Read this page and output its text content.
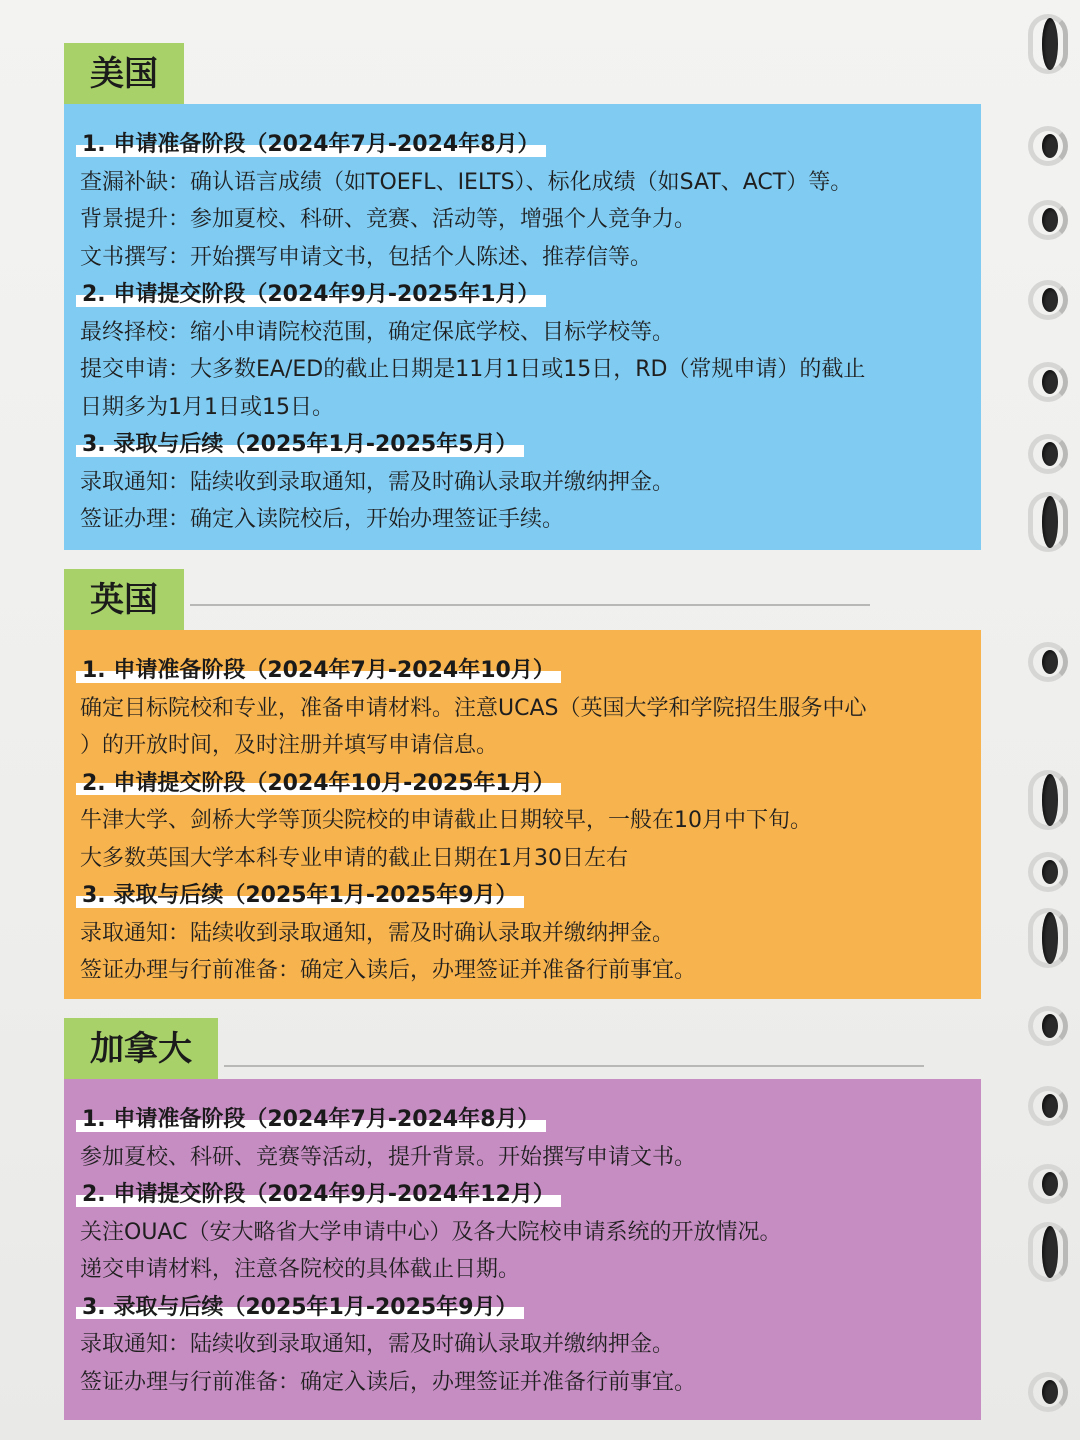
美国
1. 申请准备阶段（2024年7月-2024年8月）
查漏补缺：确认语言成绩（如TOEFL、IELTS）、标化成绩（如SAT、ACT）等。
背景提升：参加夏校、科研、竞赛、活动等，增强个人竞争力。
文书撰写：开始撰写申请文书，包括个人陈述、推荐信等。
2. 申请提交阶段（2024年9月-2025年1月）
最终择校：缩小申请院校范围，确定保底学校、目标学校等。
提交申请：大多数EA/ED的截止日期是11月1日或15日，RD（常规申请）的截止
日期多为1月1日或15日。
3. 录取与后续（2025年1月-2025年5月）
录取通知：陆续收到录取通知，需及时确认录取并缴纳押金。
签证办理：确定入读院校后，开始办理签证手续。
英国
1. 申请准备阶段（2024年7月-2024年10月）
确定目标院校和专业，准备申请材料。注意UCAS（英国大学和学院招生服务中心
）的开放时间，及时注册并填写申请信息。
2. 申请提交阶段（2024年10月-2025年1月）
牛津大学、剑桥大学等顶尖院校的申请截止日期较早，一般在10月中下旬。
大多数英国大学本科专业申请的截止日期在1月30日左右
3. 录取与后续（2025年1月-2025年9月）
录取通知：陆续收到录取通知，需及时确认录取并缴纳押金。
签证办理与行前准备：确定入读后，办理签证并准备行前事宜。
加拿大
1. 申请准备阶段（2024年7月-2024年8月）
参加夏校、科研、竞赛等活动，提升背景。开始撰写申请文书。
2. 申请提交阶段（2024年9月-2024年12月）
关注OUAC（安大略省大学申请中心）及各大院校申请系统的开放情况。
递交申请材料，注意各院校的具体截止日期。
3. 录取与后续（2025年1月-2025年9月）
录取通知：陆续收到录取通知，需及时确认录取并缴纳押金。
签证办理与行前准备：确定入读后，办理签证并准备行前事宜。
